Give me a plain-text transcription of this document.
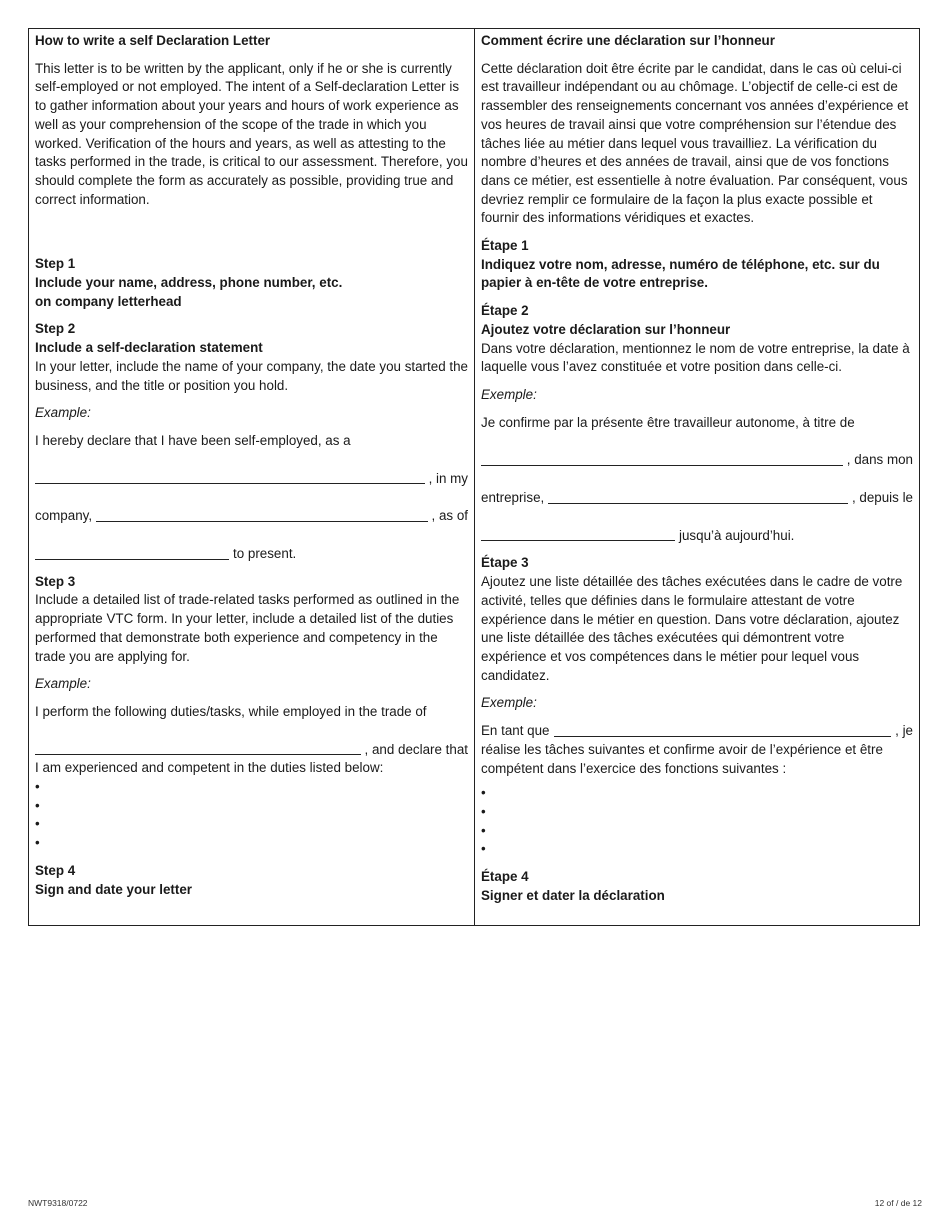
How to write a self Declaration Letter

This letter is to be written by the applicant, only if he or she is currently self-employed or not employed. The intent of a Self-declaration Letter is to gather information about your years and hours of work experience as well as your comprehension of the scope of the trade in which you worked. Verification of the hours and years, as well as attesting to the tasks performed in the trade, is critical to our assessment. Therefore, you should complete the form as accurately as possible, providing true and correct information.

Step 1
Include your name, address, phone number, etc. on company letterhead
Step 2
Include a self-declaration statement
In your letter, include the name of your company, the date you started the business, and the title or position you hold.

Example:

I hereby declare that I have been self-employed, as a

, in my
company,	, as of
to present.
Step 3
Include a detailed list of trade-related tasks performed as outlined in the appropriate VTC form. In your letter, include a detailed list of the duties performed that demonstrate both experience and competency in the trade you are applying for.

Example:

I perform the following duties/tasks, while employed in the trade of

, and declare that

I am experienced and competent in the duties listed below:

•
•
•
•
Step 4
Sign and date your letter
Comment écrire une déclaration sur l’honneur

Cette déclaration doit être écrite par le candidat, dans le cas où celui-ci est travailleur indépendant ou au chômage. L’objectif de celle-ci est de rassembler des renseignements concernant vos années d’expérience et vos heures de travail ainsi que votre compréhension sur l’étendue des tâches liée au métier dans lequel vous travailliez. La vérification du nombre d’heures et des années de travail, ainsi que de vos fonctions dans ce métier, est essentielle à notre évaluation. Par conséquent, vous devriez remplir ce formulaire de la façon la plus exacte possible et fournir des informations véridiques et exactes.

Étape 1
Indiquez votre nom, adresse, numéro de téléphone, etc. sur du papier à en-tête de votre entreprise.
Étape 2
Ajoutez votre déclaration sur l’honneur
Dans votre déclaration, mentionnez le nom de votre entreprise, la date à laquelle vous l’avez constituée et votre position dans celle-ci.

Exemple:

Je confirme par la présente être travailleur autonome, à titre de

, dans mon
entreprise,	, depuis le
jusqu’à aujourd’hui.
Étape 3
Ajoutez une liste détaillée des tâches exécutées dans le cadre de votre activité, telles que définies dans le formulaire attestant de votre expérience dans le métier en question. Dans votre déclaration, ajoutez une liste détaillée des tâches exécutées qui démontrent votre expérience et vos compétences dans le métier pour lequel vous candidatez.

Exemple:

En tant que	, je

réalise les tâches suivantes et confirme avoir de l’expérience et être compétent dans l’exercice des fonctions suivantes :

•
•
•
•
Étape 4
Signer et dater la déclaration
NWT9318/0722	12 of / de 12
